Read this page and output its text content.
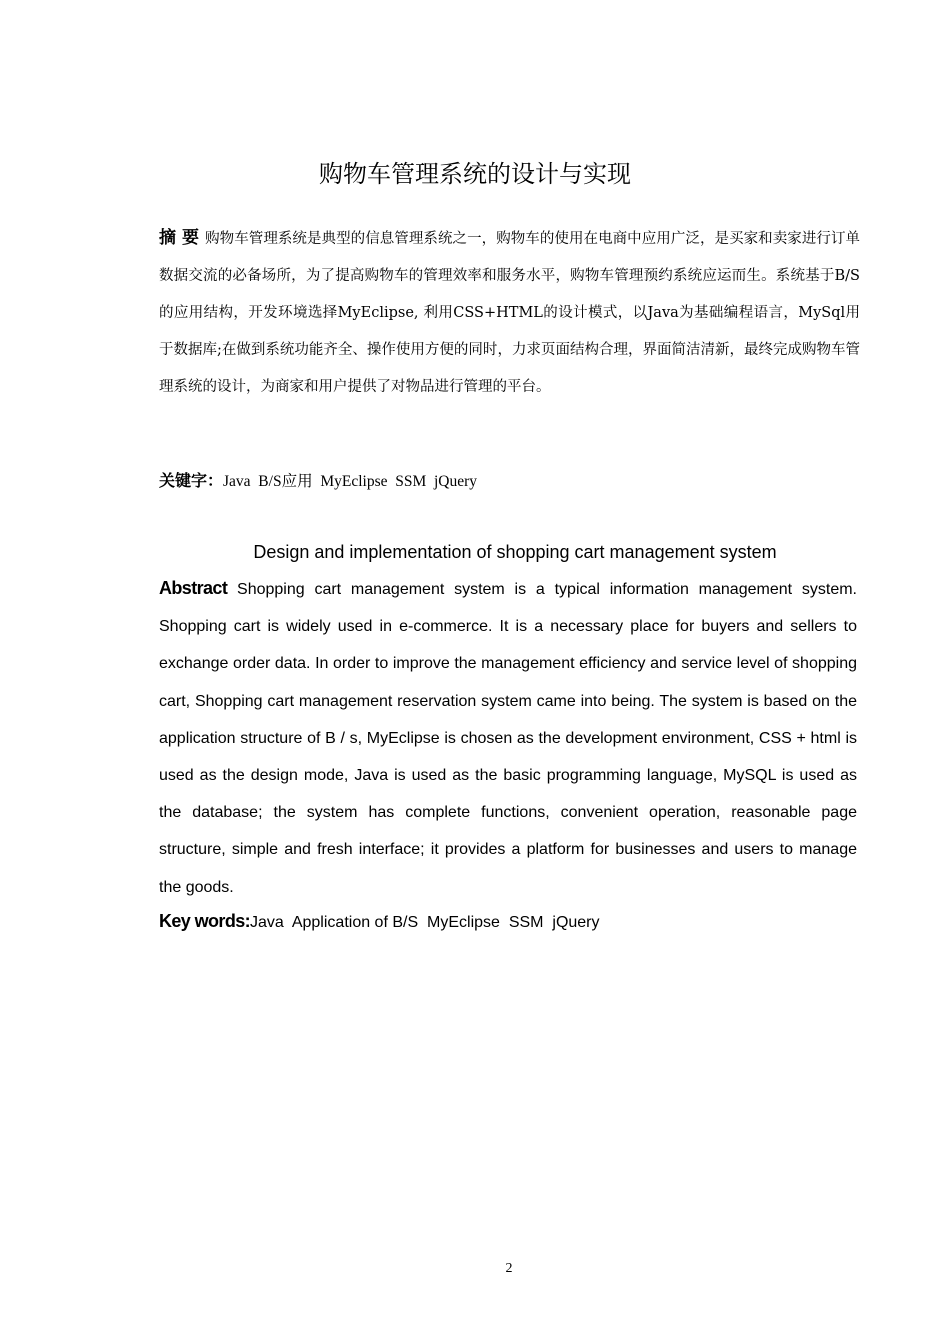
购物车管理系统的设计与实现
摘 要 购物车管理系统是典型的信息管理系统之一，购物车的使用在电商中应用广泛，是买家和卖家进行订单数据交流的必备场所，为了提高购物车的管理效率和服务水平，购物车管理预约系统应运而生。系统基于B/S的应用结构，开发环境选择MyEclipse, 利用CSS+HTML的设计模式，以Java为基础编程语言，MySql用于数据库;在做到系统功能齐全、操作使用方便的同时，力求页面结构合理，界面简洁清新，最终完成购物车管理系统的设计，为商家和用户提供了对物品进行管理的平台。
关键字：Java  B/S应用  MyEclipse  SSM  jQuery
Design and implementation of shopping cart management system
Abstract Shopping cart management system is a typical information management system. Shopping cart is widely used in e-commerce. It is a necessary place for buyers and sellers to exchange order data. In order to improve the management efficiency and service level of shopping cart, Shopping cart management reservation system came into being. The system is based on the application structure of B / s, MyEclipse is chosen as the development environment, CSS + html is used as the design mode, Java is used as the basic programming language, MySQL is used as the database; the system has complete functions, convenient operation, reasonable page structure, simple and fresh interface; it provides a platform for businesses and users to manage the goods.
Key words:Java  Application of B/S  MyEclipse  SSM  jQuery
2
